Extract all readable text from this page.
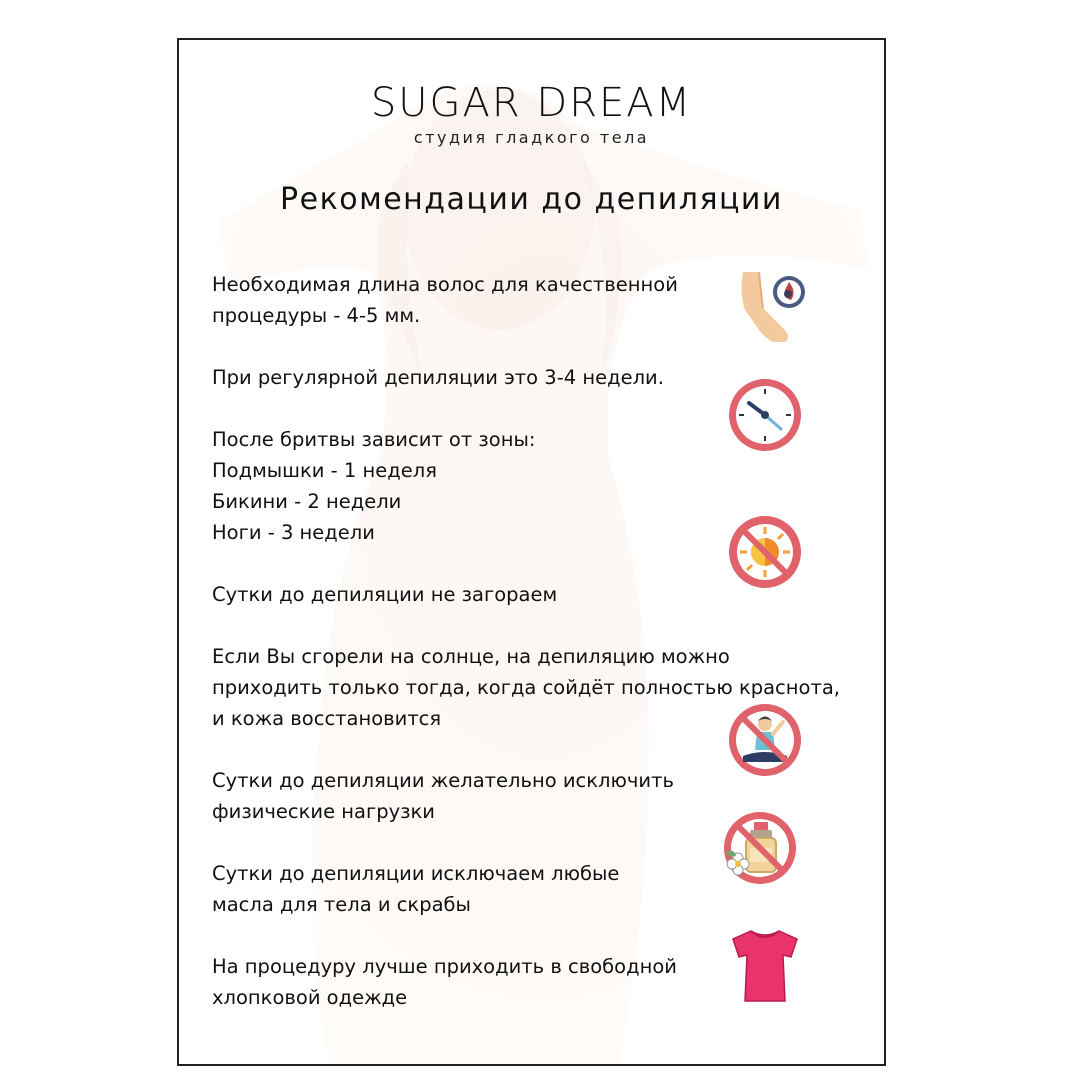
SUGAR DREAM
студия гладкого тела
Рекомендации до депиляции
Необходимая длина волос для качественной
процедуры - 4-5 мм.
При регулярной депиляции это 3-4 недели.
После бритвы зависит от зоны:
Подмышки - 1 неделя
Бикини - 2 недели
Ноги - 3 недели
Сутки до депиляции не загораем
Если Вы сгорели на солнце, на депиляцию можно
приходить только тогда, когда сойдёт полностью краснота,
и кожа восстановится
Сутки до депиляции желательно исключить
физические нагрузки
Сутки до депиляции исключаем любые
масла для тела и скрабы
На процедуру лучше приходить в свободной
хлопковой одежде
